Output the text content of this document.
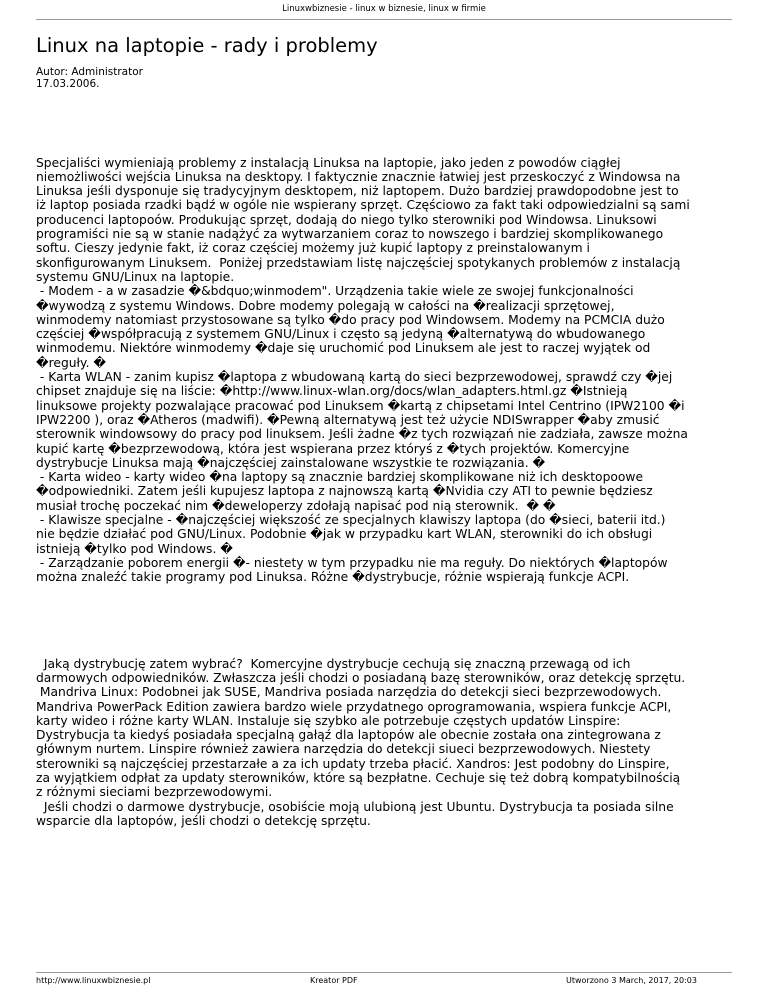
Linuxwbiznesie - linux w biznesie, linux w firmie
Linux na laptopie - rady i problemy
Autor: Administrator
17.03.2006.

Specjaliści wymieniają problemy z instalacją Linuksa na laptopie, jako jeden z powodów ciągłej
niemożliwości wejścia Linuksa na desktopy. I faktycznie znacznie łatwiej jest przeskoczyć z Windowsa na
Linuksa jeśli dysponuje się tradycyjnym desktopem, niż laptopem. Dużo bardziej prawdopodobne jest to
iż laptop posiada rzadki bądź w ogóle nie wspierany sprzęt. Częściowo za fakt taki odpowiedzialni są sami
producenci laptopoów. Produkując sprzęt, dodają do niego tylko sterowniki pod Windowsa. Linuksowi
programiści nie są w stanie nadążyć za wytwarzaniem coraz to nowszego i bardziej skomplikowanego
softu. Cieszy jedynie fakt, iż coraz częściej możemy już kupić laptopy z preinstalowanym i
skonfigurowanym Linuksem.  Poniżej przedstawiam listę najczęściej spotykanych problemów z instalacją
systemu GNU/Linux na laptopie.
- Modem - a w zasadzie �&bdquo;winmodem". Urządzenia takie wiele ze swojej funkcjonalności
�wywodzą z systemu Windows. Dobre modemy polegają w całości na �realizacji sprzętowej,
winmodemy natomiast przystosowane są tylko �do pracy pod Windowsem. Modemy na PCMCIA dużo
częściej �współpracują z systemem GNU/Linux i często są jedyną �alternatywą do wbudowanego
winmodemu. Niektóre winmodemy �daje się uruchomić pod Linuksem ale jest to raczej wyjątek od
�reguły. �
- Karta WLAN - zanim kupisz �laptopa z wbudowaną kartą do sieci bezprzewodowej, sprawdź czy �jej
chipset znajduje się na liście: �http://www.linux-wlan.org/docs/wlan_adapters.html.gz �Istnieją
linuksowe projekty pozwalające pracować pod Linuksem �kartą z chipsetami Intel Centrino (IPW2100 �i
IPW2200 ), oraz �Atheros (madwifi). �Pewną alternatywą jest też użycie NDISwrapper �aby zmusić
sterownik windowsowy do pracy pod linuksem. Jeśli żadne �z tych rozwiązań nie zadziała, zawsze można
kupić kartę �bezprzewodową, która jest wspierana przez któryś z �tych projektów. Komercyjne
dystrybucje Linuksa mają �najczęściej zainstalowane wszystkie te rozwiązania. �
- Karta wideo - karty wideo �na laptopy są znacznie bardziej skomplikowane niż ich desktopoowe
�odpowiedniki. Zatem jeśli kupujesz laptopa z najnowszą kartą �Nvidia czy ATI to pewnie będziesz
musiał trochę poczekać nim �deweloperzy zdołają napisać pod nią sterownik.  � �
- Klawisze specjalne - �najczęściej większość ze specjalnych klawiszy laptopa (do �sieci, baterii itd.)
nie będzie działać pod GNU/Linux. Podobnie �jak w przypadku kart WLAN, sterowniki do ich obsługi
istnieją �tylko pod Windows. �
- Zarządzanie poborem energii �- niestety w tym przypadku nie ma reguły. Do niektórych �laptopów
można znaleźć takie programy pod Linuksa. Różne �dystrybucje, różnie wspierają funkcje ACPI.

Jaką dystrybucję zatem wybrać?  Komercyjne dystrybucje cechują się znaczną przewagą od ich
darmowych odpowiedników. Zwłaszcza jeśli chodzi o posiadaną bazę sterowników, oraz detekcję sprzętu.
Mandriva Linux: Podobnei jak SUSE, Mandriva posiada narzędzia do detekcji sieci bezprzewodowych.
Mandriva PowerPack Edition zawiera bardzo wiele przydatnego oprogramowania, wspiera funkcje ACPI,
karty wideo i różne karty WLAN. Instaluje się szybko ale potrzebuje częstych updatów Linspire:
Dystrybucja ta kiedyś posiadała specjalną gałąź dla laptopów ale obecnie została ona zintegrowana z
głównym nurtem. Linspire również zawiera narzędzia do detekcji siueci bezprzewodowych. Niestety
sterowniki są najczęściej przestarzałe a za ich updaty trzeba płacić. Xandros: Jest podobny do Linspire,
za wyjątkiem odpłat za updaty sterowników, które są bezpłatne. Cechuje się też dobrą kompatybilnością
z różnymi sieciami bezprzewodowymi.
Jeśli chodzi o darmowe dystrybucje, osobiście moją ulubioną jest Ubuntu. Dystrybucja ta posiada silne
wsparcie dla laptopów, jeśli chodzi o detekcję sprzętu.

http://www.linuxwbiznesie.pl	Kreator PDF	Utworzono 3 March, 2017, 20:03
